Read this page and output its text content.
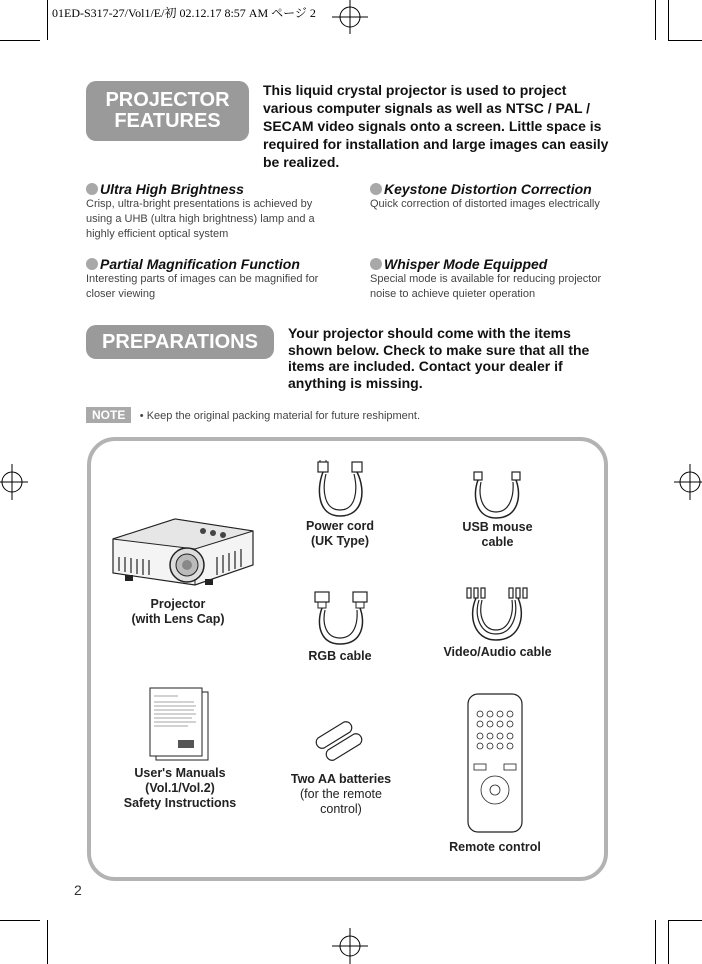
01ED-S317-27/Vol1/E/初 02.12.17 8:57 AM ページ 2
PROJECTOR
FEATURES
This liquid crystal projector is used to project various computer signals as well as NTSC / PAL / SECAM video signals onto a screen. Little space is required for installation and large images can easily be realized.
Ultra High Brightness
Crisp, ultra-bright presentations is achieved by using a UHB (ultra high brightness) lamp and a highly efficient optical system
Keystone Distortion Correction
Quick correction of distorted images electrically
Partial Magnification Function
Interesting parts of images can be magnified for closer viewing
Whisper Mode Equipped
Special mode is available for reducing projector noise to achieve quieter operation
PREPARATIONS	Your projector should come with the items shown below. Check to make sure that all the items are included. Contact your dealer if anything is missing.
NOTE • Keep the original packing material for future reshipment.
Projector
(with Lens Cap)
Power cord
(UK Type)
USB mouse
cable
RGB cable	Video/Audio cable
User's Manuals
(Vol.1/Vol.2)
Safety Instructions
Two AA batteries
(for the remote
control)
Remote control
2
